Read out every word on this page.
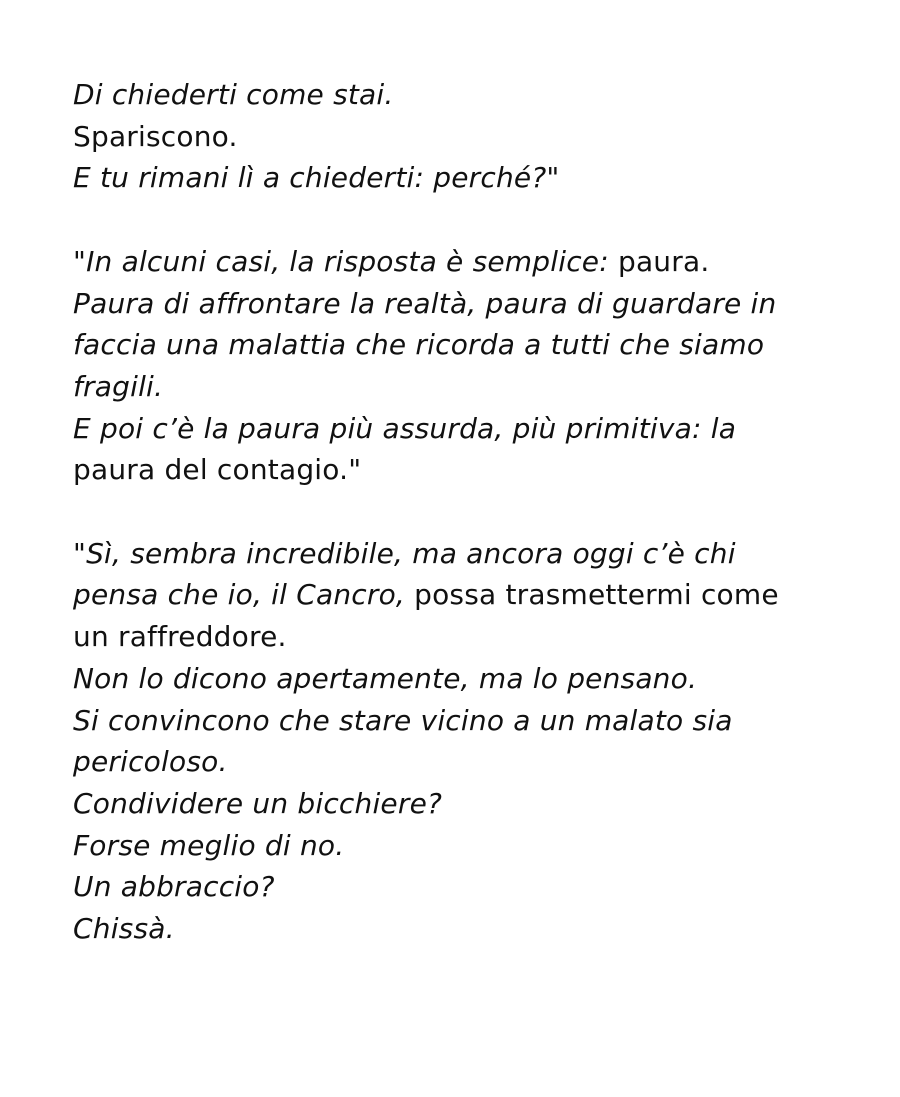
Di chiederti come stai.
Spariscono.
E tu rimani lì a chiederti: perché?"
"In alcuni casi, la risposta è semplice: paura.
Paura di affrontare la realtà, paura di guardare in
faccia una malattia che ricorda a tutti che siamo
fragili.
E poi c’è la paura più assurda, più primitiva: la
paura del contagio."
"Sì, sembra incredibile, ma ancora oggi c’è chi
pensa che io, il Cancro, possa trasmettermi come
un raffreddore.
Non lo dicono apertamente, ma lo pensano.
Si convincono che stare vicino a un malato sia
pericoloso.
Condividere un bicchiere?
Forse meglio di no.
Un abbraccio?
Chissà.
